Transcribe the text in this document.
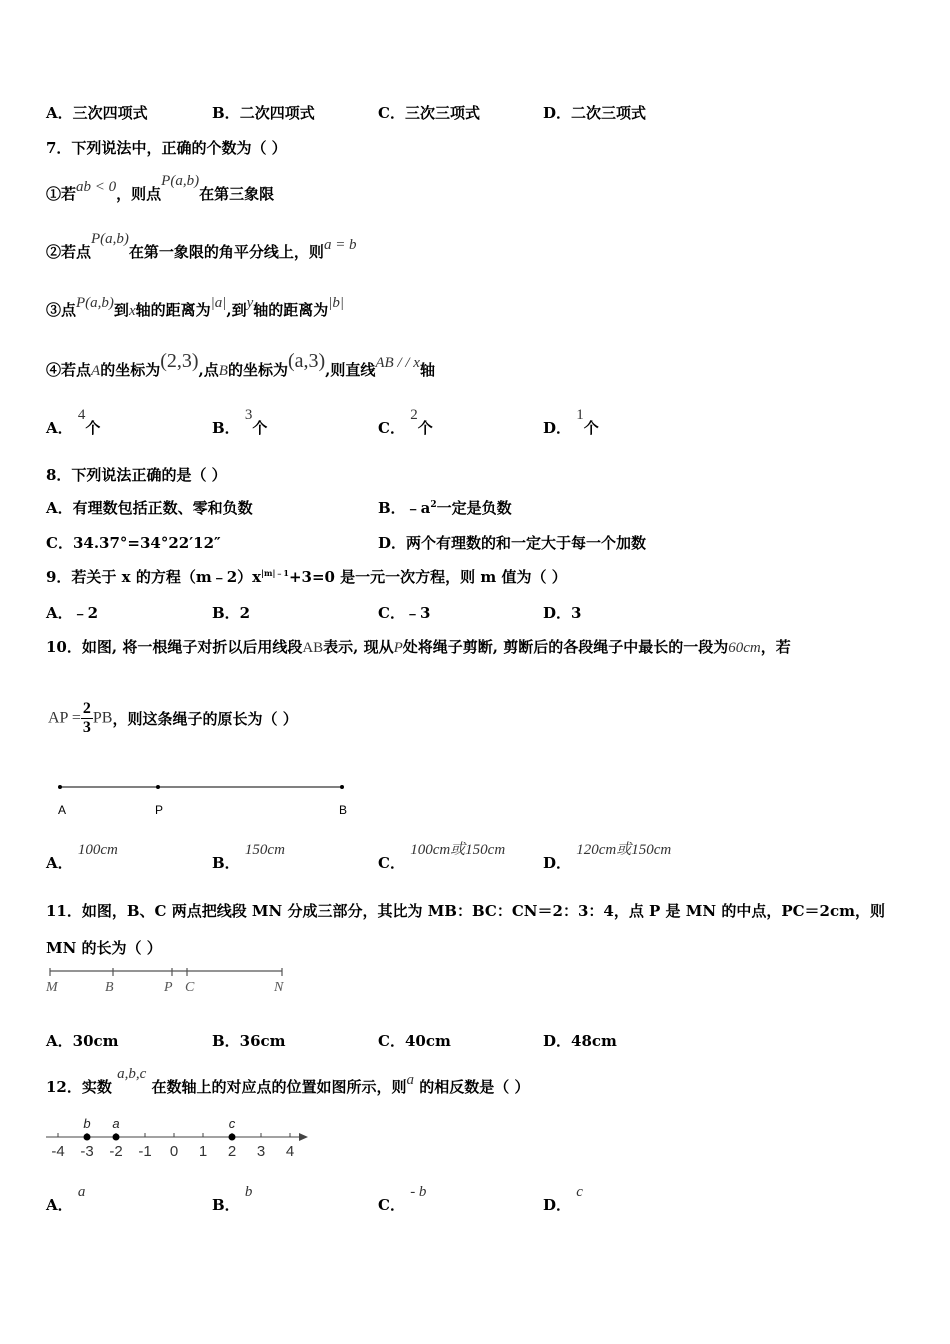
A．三次四项式	B．二次四项式	C．三次三项式	D．二次三项式
7．下列说法中，正确的个数为（ ）
①若ab < 0，则点P(a,b)在第三象限
②若点P(a,b)在第一象限的角平分线上，则a = b
③点P(a,b)到x轴的距离为|a|,到y轴的距离为|b|
④若点A的坐标为(2,3),点B的坐标为(a,3),则直线AB / / x轴
A． 4个	B． 3个	C． 2个	D． 1个
8．下列说法正确的是（ ）
A．有理数包括正数、零和负数	B．$﹣a^2$一定是负数
C．34.37°=34°22′12″	D．两个有理数的和一定大于每一个加数
9．若关于 x 的方程$(m﹣2)x^{|m|﹣1}+3=0$ 是一元一次方程，则 m 值为（ ）
A．﹣2	B．2	C．﹣3	D．3
10．如图, 将一根绳子对折以后用线段AB表示, 现从P处将绳子剪断, 剪断后的各段绳子中最长的一段为60cm，若
AP = $\frac{2}{3}$ PB，则这条绳子的原长为（ ）
A	P	B
A． 100cm
B． 150cm
C． 100cm或150cm
D． 120cm或150cm
11．如图，B、C 两点把线段 MN 分成三部分，其比为 MB：BC：CN＝2：3：4，点 P 是 MN 的中点，PC＝2cm，则
MN 的长为（ ）
M	B	P C	N
A．30cm	B．36cm	C．40cm	D．48cm
12．实数 a,b,c 在数轴上的对应点的位置如图所示，则a 的相反数是（ ）
-4 -3 -2 -1 0 1 2 3 4
b a	c
A． a
B． b
C． - b
D． c
